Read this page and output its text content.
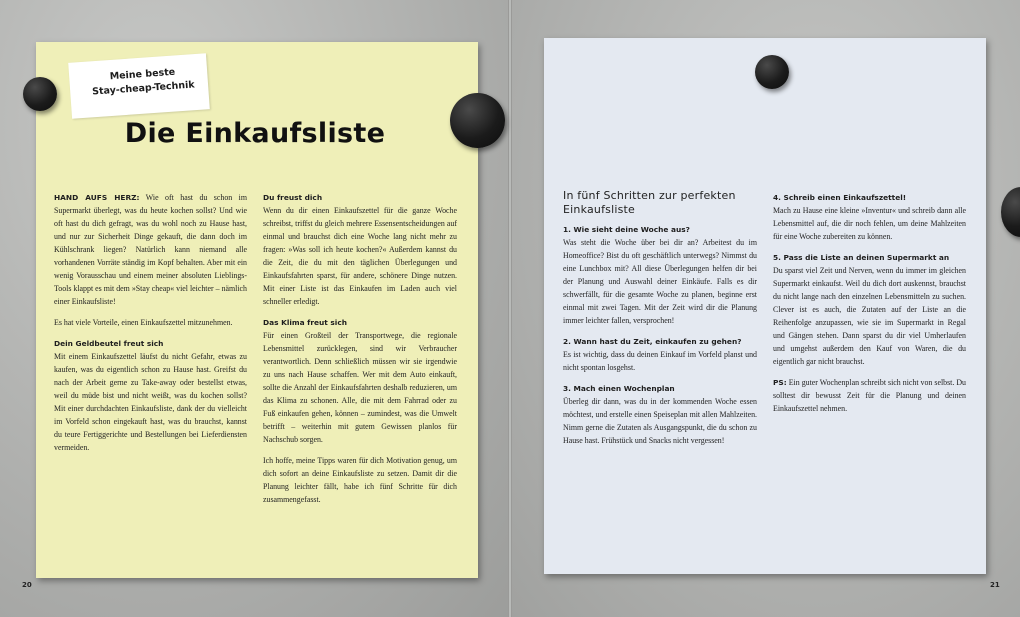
Meine beste
Stay-cheap-Technik
Die Einkaufsliste

HAND AUFS HERZ: Wie oft hast du schon im Supermarkt überlegt, was du heute kochen sollst? Und wie oft hast du dich gefragt, was du wohl noch zu Hause hast, und nur zur Sicherheit Dinge gekauft, die dann doch im Kühlschrank liegen? Natürlich kann niemand alle vorhandenen Vorräte ständig im Kopf behalten. Aber mit ein wenig Vorausschau und einem meiner absoluten Lieblings-Tools klappt es mit dem »Stay cheap« viel leichter – nämlich einer Einkaufsliste!

Es hat viele Vorteile, einen Einkaufszettel mitzunehmen.

Dein Geldbeutel freut sich

Mit einem Einkaufszettel läufst du nicht Gefahr, etwas zu kaufen, was du eigentlich schon zu Hause hast. Greifst du nach der Arbeit gerne zu Take-away oder bestellst etwas, weil du müde bist und nicht weißt, was du kochen sollst? Mit einer durchdachten Einkaufsliste, dank der du vielleicht im Vorfeld schon eingekauft hast, was du brauchst, kannst du teure Fertiggerichte und Bestellungen bei Lieferdiensten vermeiden.

Du freust dich

Wenn du dir einen Einkaufszettel für die ganze Woche schreibst, triffst du gleich mehrere Essensentscheidungen auf einmal und brauchst dich eine Woche lang nicht mehr zu fragen: »Was soll ich heute kochen?« Außerdem kannst du die Zeit, die du mit den täglichen Überlegungen und Einkaufsfahrten sparst, für andere, schönere Dinge nutzen. Mit einer Liste ist das Einkaufen im Laden auch viel schneller erledigt.

Das Klima freut sich

Für einen Großteil der Transportwege, die regionale Lebensmittel zurücklegen, sind wir Verbraucher verantwortlich. Denn schließlich müssen wir sie irgendwie zu uns nach Hause schaffen. Wer mit dem Auto einkauft, sollte die Anzahl der Einkaufsfahrten deshalb reduzieren, um das Klima zu schonen. Alle, die mit dem Fahrrad oder zu Fuß einkaufen gehen, können – zumindest, was die Umwelt betrifft – weiterhin mit gutem Gewissen planlos für Nachschub sorgen.

Ich hoffe, meine Tipps waren für dich Motivation genug, um dich sofort an deine Einkaufsliste zu setzen. Damit dir die Planung leichter fällt, habe ich fünf Schritte für dich zusammengefasst.

20
In fünf Schritten zur perfekten Einkaufsliste
1. Wie sieht deine Woche aus?

Was steht die Woche über bei dir an? Arbeitest du im Homeoffice? Bist du oft geschäftlich unterwegs? Nimmst du eine Lunchbox mit? All diese Überlegungen helfen dir bei der Planung und Auswahl deiner Einkäufe. Falls es dir schwerfällt, für die gesamte Woche zu planen, beginne erst einmal mit zwei Tagen. Mit der Zeit wird dir die Planung immer leichter fallen, versprochen!

2. Wann hast du Zeit, einkaufen zu gehen?

Es ist wichtig, dass du deinen Einkauf im Vorfeld planst und nicht spontan losgehst.

3. Mach einen Wochenplan

Überleg dir dann, was du in der kommenden Woche essen möchtest, und erstelle einen Speiseplan mit allen Mahlzeiten. Nimm gerne die Zutaten als Ausgangspunkt, die du schon zu Hause hast. Frühstück und Snacks nicht vergessen!

4. Schreib einen Einkaufszettel!

Mach zu Hause eine kleine »Inventur« und schreib dann alle Lebensmittel auf, die dir noch fehlen, um deine Mahlzeiten für eine Woche zubereiten zu können.

5. Pass die Liste an deinen Supermarkt an

Du sparst viel Zeit und Nerven, wenn du immer im gleichen Supermarkt einkaufst. Weil du dich dort auskennst, brauchst du nicht lange nach den einzelnen Lebensmitteln zu suchen. Clever ist es auch, die Zutaten auf der Liste an die Reihenfolge anzupassen, wie sie im Supermarkt in Regal und Gängen stehen. Dann sparst du dir viel Umherlaufen und umgehst außerdem den Kauf von Waren, die du eigentlich gar nicht brauchst.

PS: Ein guter Wochenplan schreibt sich nicht von selbst. Du solltest dir bewusst Zeit für die Planung und deinen Einkaufszettel nehmen.

21
